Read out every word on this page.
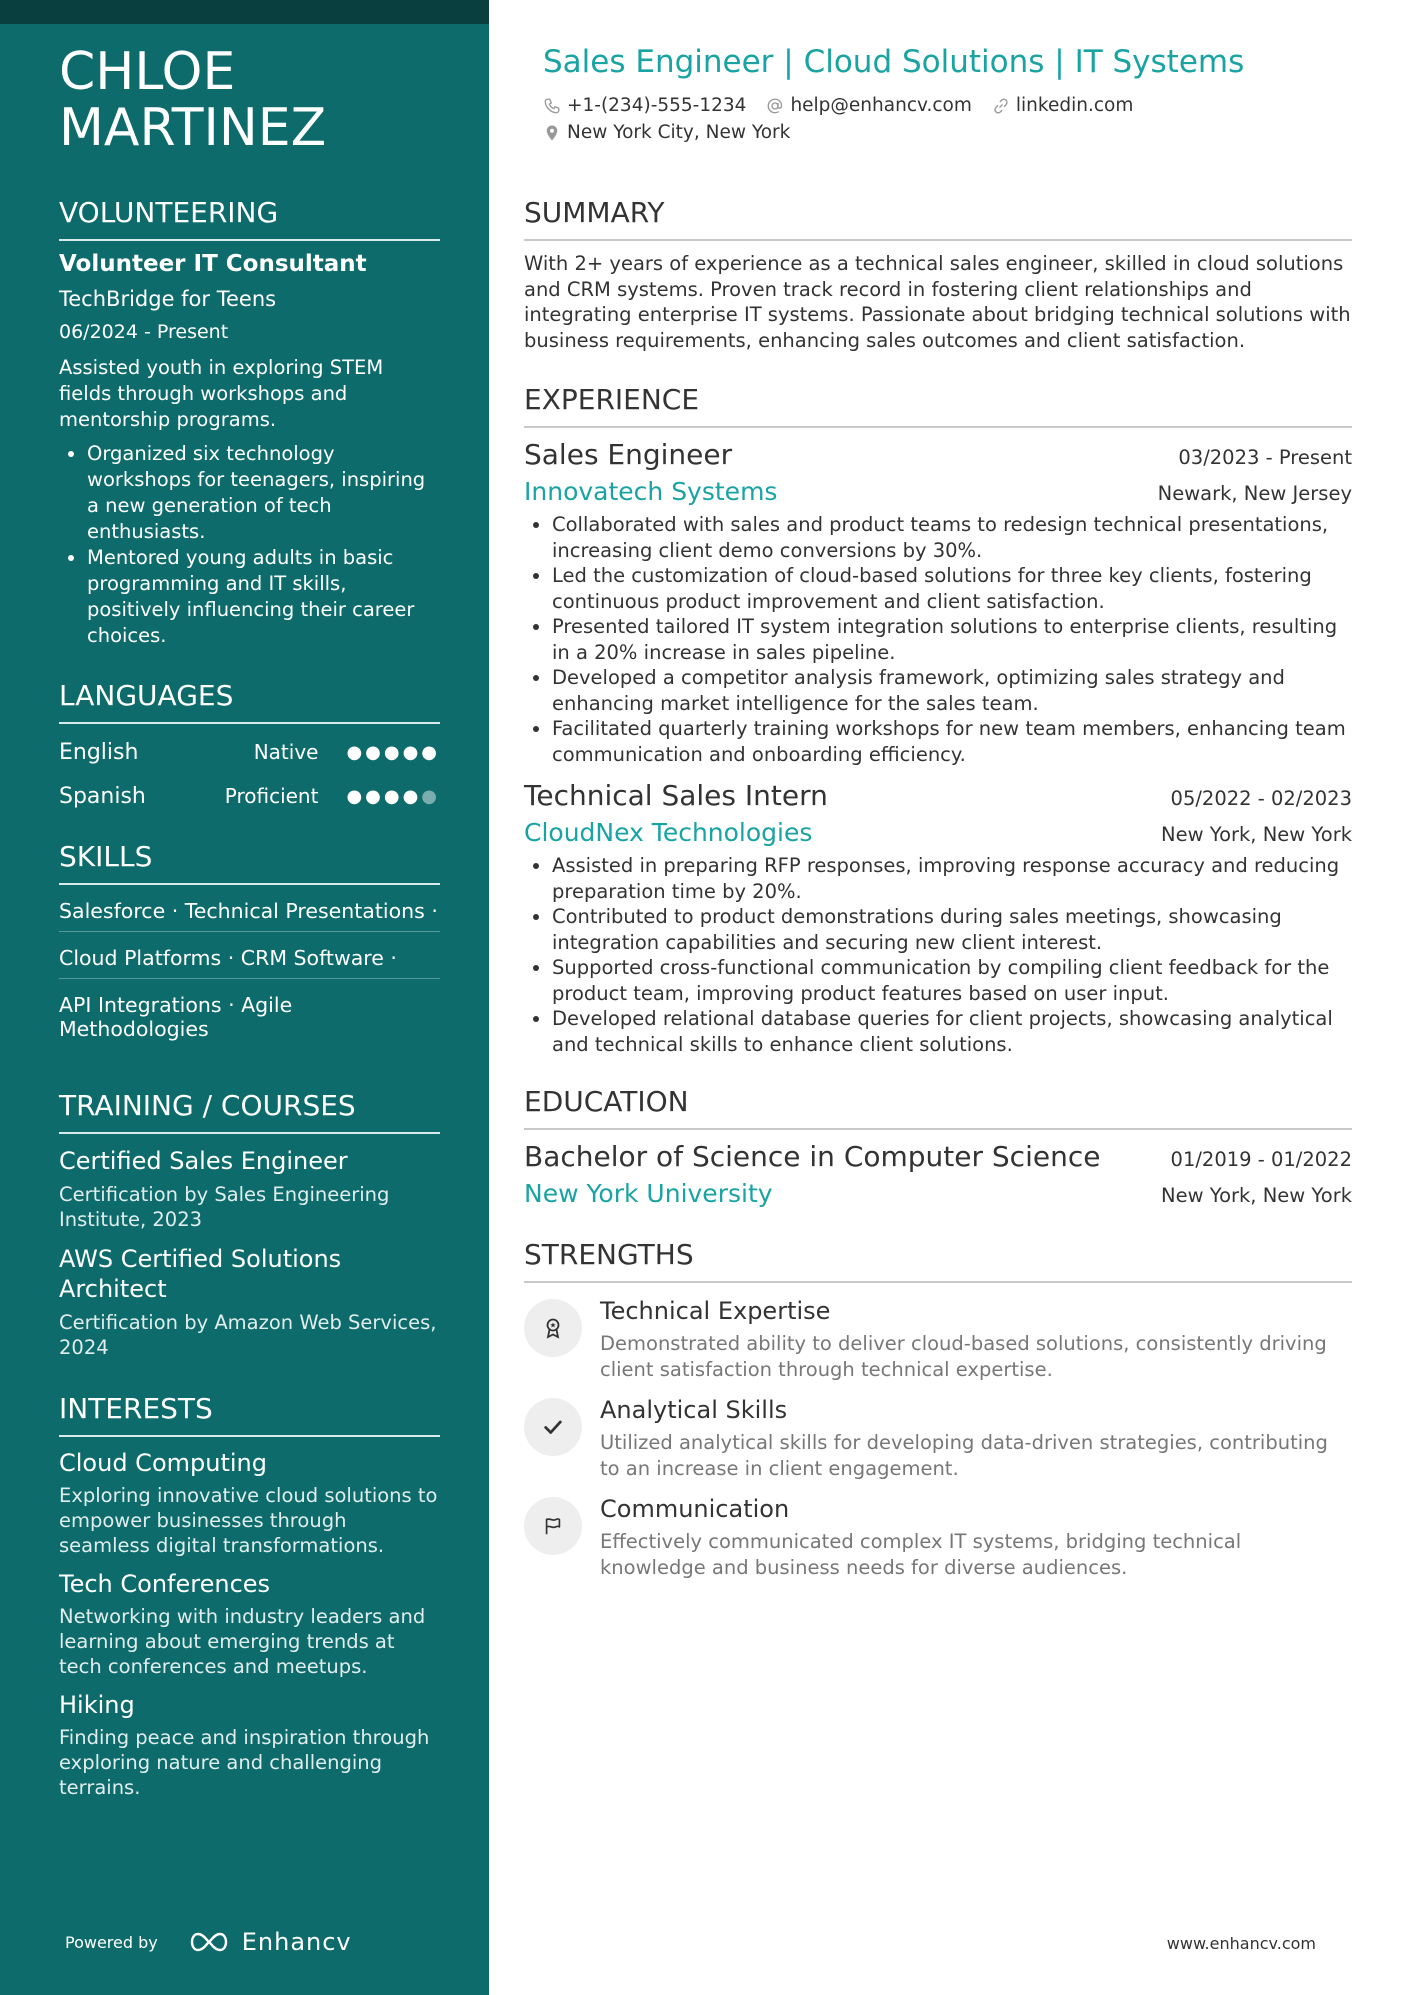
CHLOE
MARTINEZ
VOLUNTEERING
Volunteer IT Consultant
TechBridge for Teens
06/2024 - Present
Assisted youth in exploring STEM fields through workshops and mentorship programs.
• Organized six technology workshops for teenagers, inspiring a new generation of tech enthusiasts.
• Mentored young adults in basic programming and IT skills, positively influencing their career choices.
LANGUAGES
English	Native ●●●●●
Spanish	Proficient ●●●●●
SKILLS
Salesforce · Technical Presentations ·
Cloud Platforms · CRM Software ·
API Integrations · Agile Methodologies
TRAINING / COURSES
Certified Sales Engineer
Certification by Sales Engineering Institute, 2023
AWS Certified Solutions Architect
Certification by Amazon Web Services, 2024
INTERESTS
Cloud Computing
Exploring innovative cloud solutions to empower businesses through seamless digital transformations.
Tech Conferences
Networking with industry leaders and learning about emerging trends at tech conferences and meetups.
Hiking
Finding peace and inspiration through exploring nature and challenging terrains.
Powered by	Enhancv
Sales Engineer | Cloud Solutions | IT Systems
+1-(234)-555-1234 help@enhancv.com linkedin.com
New York City, New York
SUMMARY
With 2+ years of experience as a technical sales engineer, skilled in cloud solutions and CRM systems. Proven track record in fostering client relationships and integrating enterprise IT systems. Passionate about bridging technical solutions with business requirements, enhancing sales outcomes and client satisfaction.
EXPERIENCE
Sales Engineer	03/2023 - Present
Innovatech Systems	Newark, New Jersey
• Collaborated with sales and product teams to redesign technical presentations, increasing client demo conversions by 30%.
• Led the customization of cloud-based solutions for three key clients, fostering continuous product improvement and client satisfaction.
• Presented tailored IT system integration solutions to enterprise clients, resulting in a 20% increase in sales pipeline.
• Developed a competitor analysis framework, optimizing sales strategy and enhancing market intelligence for the sales team.
• Facilitated quarterly training workshops for new team members, enhancing team communication and onboarding efficiency.
Technical Sales Intern	05/2022 - 02/2023
CloudNex Technologies	New York, New York
• Assisted in preparing RFP responses, improving response accuracy and reducing preparation time by 20%.
• Contributed to product demonstrations during sales meetings, showcasing integration capabilities and securing new client interest.
• Supported cross-functional communication by compiling client feedback for the product team, improving product features based on user input.
• Developed relational database queries for client projects, showcasing analytical and technical skills to enhance client solutions.
EDUCATION
Bachelor of Science in Computer Science	01/2019 - 01/2022
New York University	New York, New York
STRENGTHS
Technical Expertise
Demonstrated ability to deliver cloud-based solutions, consistently driving client satisfaction through technical expertise.
Analytical Skills
Utilized analytical skills for developing data-driven strategies, contributing to an increase in client engagement.
Communication
Effectively communicated complex IT systems, bridging technical knowledge and business needs for diverse audiences.
www.enhancv.com
